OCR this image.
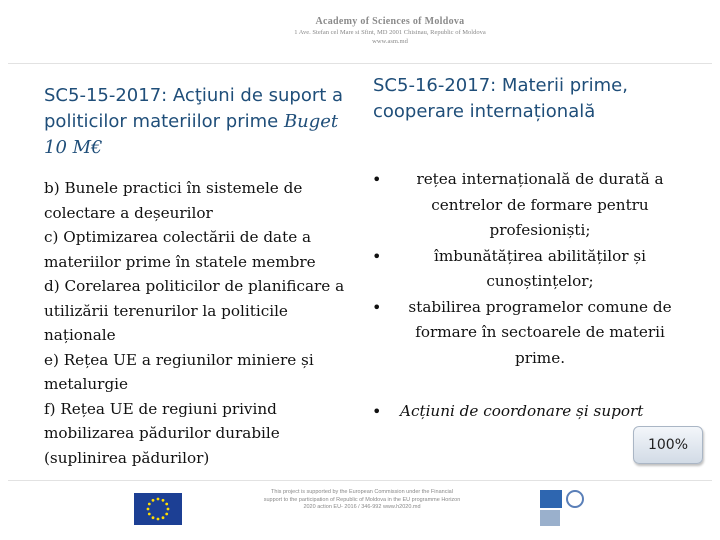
Academy of Sciences of Moldova
1 Ave. Stefan cel Mare si Sfint, MD 2001 Chisinau, Republic of Moldova
www.asm.md
SC5-15-2017: Acţiuni de suport a politicilor materiilor prime Buget 10 M€

b) Bunele practici în sistemele de colectare a deșeurilor

c) Optimizarea colectării de date a materiilor prime în statele membre

d) Corelarea politicilor de planificare a utilizării terenurilor la politicile naționale

e) Rețea UE a regiunilor miniere și metalurgie

f) Rețea UE de regiuni privind mobilizarea pădurilor durabile (suplinirea pădurilor)

SC5-16-2017: Materii prime, cooperare internațională
•	rețea internațională de durată a centrelor de formare pentru profesioniști;
•	îmbunătățirea abilităților și cunoștințelor;
•	stabilirea programelor comune de formare în sectoarele de materii prime.
• Acțiuni de coordonare și suport
100%
This project is supported by the European Commission under the Financial support to the participation of Republic of Moldova in the EU programme Horizon 2020 action EU- 2016 / 346-992 www.h2020.md
